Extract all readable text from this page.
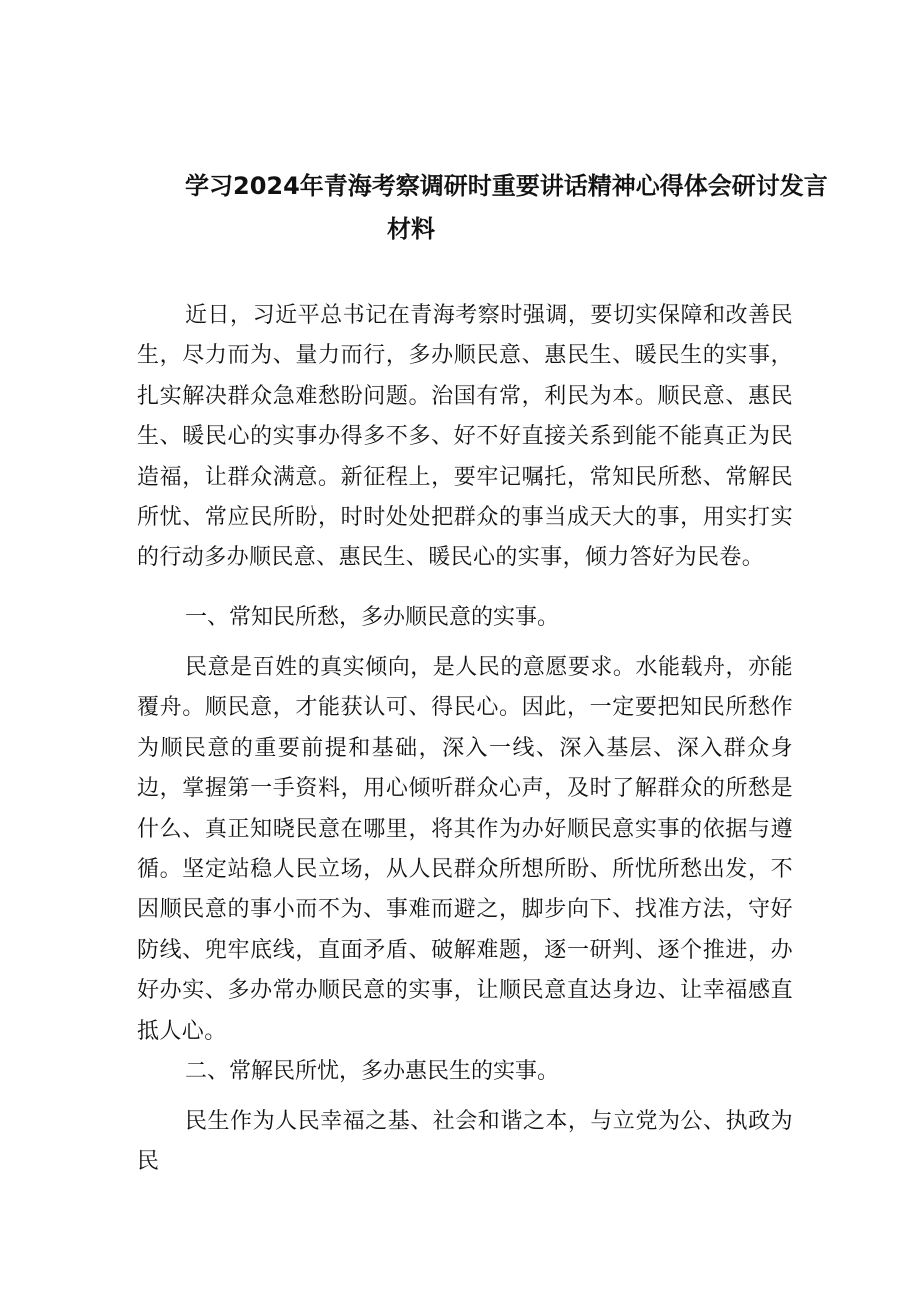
学习2024年青海考察调研时重要讲话精神心得体会研讨发言
材料

近日，习近平总书记在青海考察时强调，要切实保障和改善民生，尽力而为、量力而行，多办顺民意、惠民生、暖民生的实事，扎实解决群众急难愁盼问题。治国有常，利民为本。顺民意、惠民生、暖民心的实事办得多不多、好不好直接关系到能不能真正为民造福，让群众满意。新征程上，要牢记嘱托，常知民所愁、常解民所忧、常应民所盼，时时处处把群众的事当成天大的事，用实打实的行动多办顺民意、惠民生、暖民心的实事，倾力答好为民卷。

一、常知民所愁，多办顺民意的实事。

民意是百姓的真实倾向，是人民的意愿要求。水能载舟，亦能覆舟。顺民意，才能获认可、得民心。因此，一定要把知民所愁作为顺民意的重要前提和基础，深入一线、深入基层、深入群众身边，掌握第一手资料，用心倾听群众心声，及时了解群众的所愁是什么、真正知晓民意在哪里，将其作为办好顺民意实事的依据与遵循。坚定站稳人民立场，从人民群众所想所盼、所忧所愁出发，不因顺民意的事小而不为、事难而避之，脚步向下、找准方法，守好防线、兜牢底线，直面矛盾、破解难题，逐一研判、逐个推进，办好办实、多办常办顺民意的实事，让顺民意直达身边、让幸福感直抵人心。

二、常解民所忧，多办惠民生的实事。

民生作为人民幸福之基、社会和谐之本，与立党为公、执政为民
